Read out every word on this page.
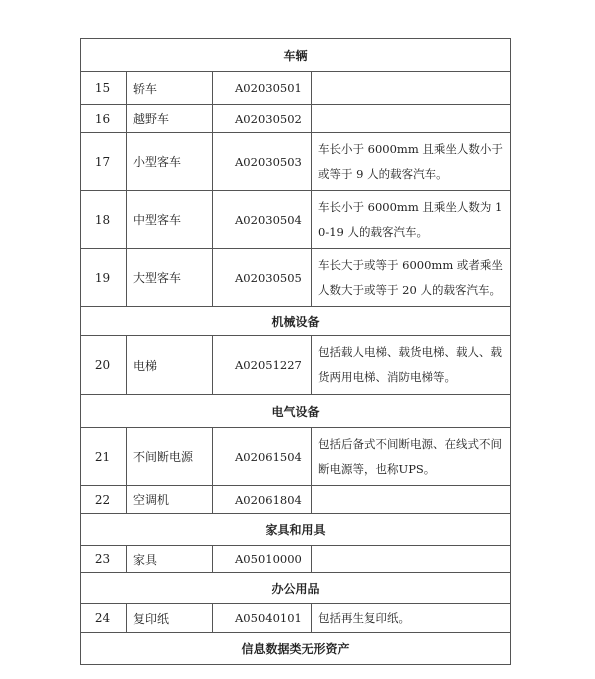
车辆			
15	轿车	A02030501	
16	越野车	A02030502	
17	小型客车	A02030503	车长小于 6000mm 且乘坐人数小于或等于 9 人的载客汽车。
18	中型客车	A02030504	车长小于 6000mm 且乘坐人数为 10-19 人的载客汽车。
19	大型客车	A02030505	车长大于或等于 6000mm 或者乘坐人数大于或等于 20 人的载客汽车。
机械设备			
20	电梯	A02051227	包括载人电梯、载货电梯、载人、载货两用电梯、消防电梯等。
电气设备			
21	不间断电源	A02061504	包括后备式不间断电源、在线式不间断电源等，也称UPS。
22	空调机	A02061804	
家具和用具			
23	家具	A05010000	
办公用品			
24	复印纸	A05040101	包括再生复印纸。
信息数据类无形资产			
